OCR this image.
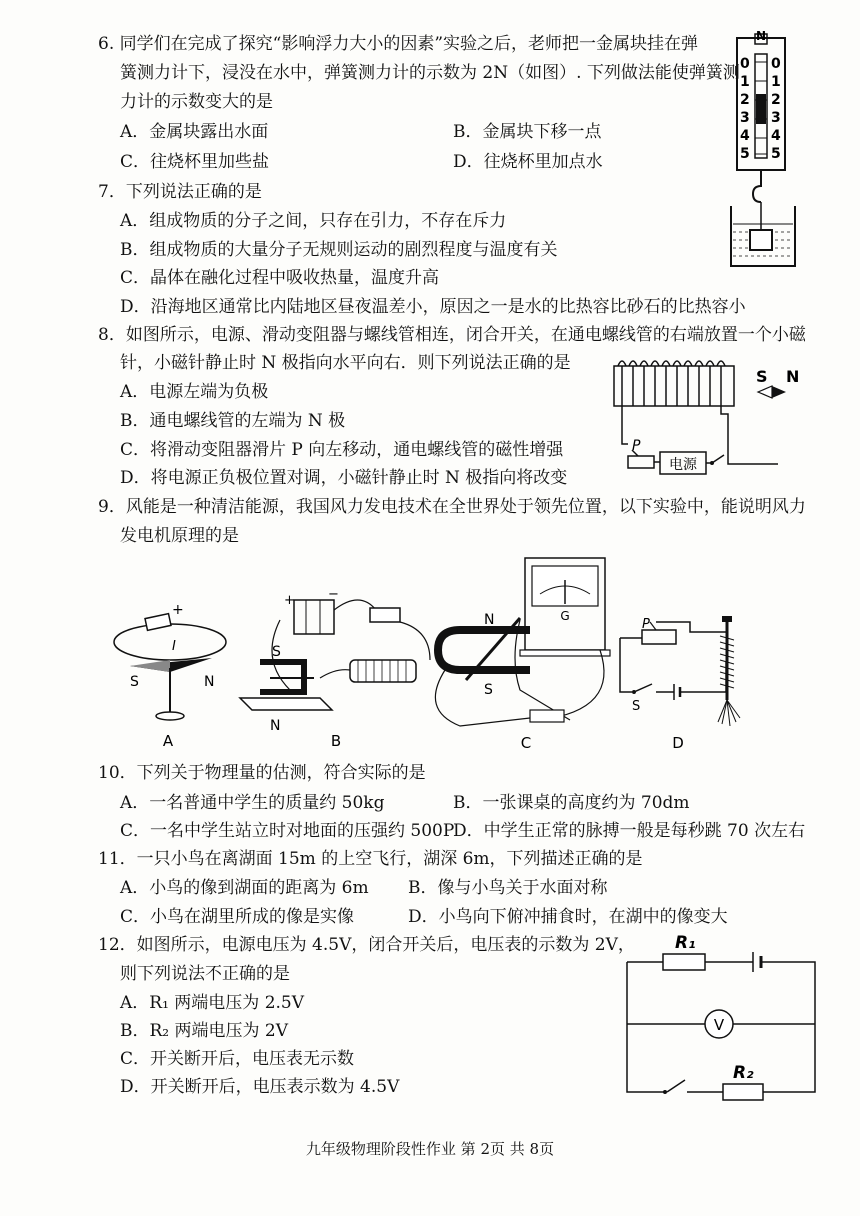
6. 同学们在完成了探究“影响浮力大小的因素”实验之后，老师把一金属块挂在弹
簧测力计下，浸没在水中，弹簧测力计的示数为 2N（如图）. 下列做法能使弹簧测
力计的示数变大的是
A．金属块露出水面	B．金属块下移一点
C．往烧杯里加些盐	D．往烧杯里加点水
N
0
1
2
3
4
5
0
1
2
3
4
5
7．下列说法正确的是
A．组成物质的分子之间，只存在引力，不存在斥力
B．组成物质的大量分子无规则运动的剧烈程度与温度有关
C．晶体在融化过程中吸收热量，温度升高
D．沿海地区通常比内陆地区昼夜温差小，原因之一是水的比热容比砂石的比热容小
8．如图所示，电源、滑动变阻器与螺线管相连，闭合开关，在通电螺线管的右端放置一个小磁
针，小磁针静止时 N 极指向水平向右．则下列说法正确的是
A．电源左端为负极
B．通电螺线管的左端为 N 极
C．将滑动变阻器滑片 P 向左移动，通电螺线管的磁性增强
D．将电源正负极位置对调，小磁针静止时 N 极指向将改变
P
电源
S N
9．风能是一种清洁能源，我国风力发电技术在全世界处于领先位置，以下实验中，能说明风力
发电机原理的是
+
I
S	N
A
+	−
S
N
B
N
S
G
C
S
P
D
10．下列关于物理量的估测，符合实际的是
A．一名普通中学生的质量约 50kg	B．一张课桌的高度约为 70dm
C．一名中学生站立时对地面的压强约 500P
D．中学生正常的脉搏一般是每秒跳 70 次左右
11．一只小鸟在离湖面 15m 的上空飞行，湖深 6m，下列描述正确的是
A．小鸟的像到湖面的距离为 6m B．像与小鸟关于水面对称
C．小鸟在湖里所成的像是实像	D．小鸟向下俯冲捕食时，在湖中的像变大
12．如图所示，电源电压为 4.5V，闭合开关后，电压表的示数为 2V，
则下列说法不正确的是
A．R₁ 两端电压为 2.5V
B．R₂ 两端电压为 2V
C．开关断开后，电压表无示数
D．开关断开后，电压表示数为 4.5V
R₁
V
R₂
九年级物理阶段性作业 第 2页 共 8页
